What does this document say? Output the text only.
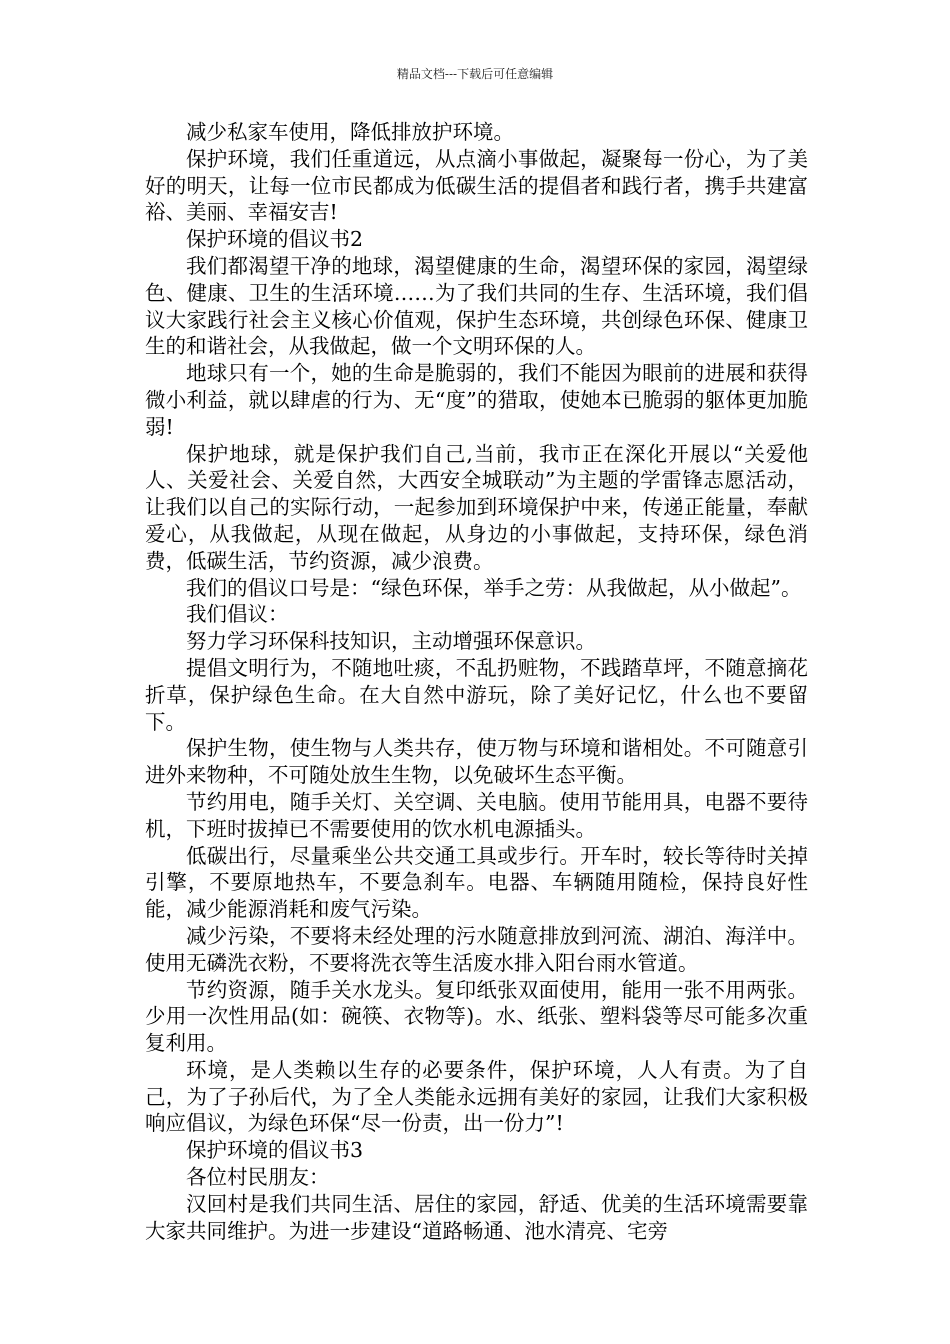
精品文档---下载后可任意编辑

减少私家车使用，降低排放护环境。

保护环境，我们任重道远，从点滴小事做起，凝聚每一份心，为了美好的明天，让每一位市民都成为低碳生活的提倡者和践行者，携手共建富裕、美丽、幸福安吉!

保护环境的倡议书2

我们都渴望干净的地球，渴望健康的生命，渴望环保的家园，渴望绿色、健康、卫生的生活环境……为了我们共同的生存、生活环境，我们倡议大家践行社会主义核心价值观，保护生态环境，共创绿色环保、健康卫生的和谐社会，从我做起，做一个文明环保的人。

地球只有一个，她的生命是脆弱的，我们不能因为眼前的进展和获得微小利益，就以肆虐的行为、无“度”的猎取，使她本已脆弱的躯体更加脆弱!

保护地球，就是保护我们自己,当前，我市正在深化开展以“关爱他人、关爱社会、关爱自然，大西安全城联动”为主题的学雷锋志愿活动，让我们以自己的实际行动，一起参加到环境保护中来，传递正能量，奉献爱心，从我做起，从现在做起，从身边的小事做起，支持环保，绿色消费，低碳生活，节约资源，减少浪费。

我们的倡议口号是：“绿色环保，举手之劳：从我做起，从小做起”。

我们倡议：

努力学习环保科技知识，主动增强环保意识。

提倡文明行为，不随地吐痰，不乱扔赃物，不践踏草坪，不随意摘花折草，保护绿色生命。在大自然中游玩，除了美好记忆，什么也不要留下。

保护生物，使生物与人类共存，使万物与环境和谐相处。不可随意引进外来物种，不可随处放生生物，以免破坏生态平衡。

节约用电，随手关灯、关空调、关电脑。使用节能用具，电器不要待机，下班时拔掉已不需要使用的饮水机电源插头。

低碳出行，尽量乘坐公共交通工具或步行。开车时，较长等待时关掉引擎，不要原地热车，不要急刹车。电器、车辆随用随检，保持良好性能，减少能源消耗和废气污染。

减少污染，不要将未经处理的污水随意排放到河流、湖泊、海洋中。使用无磷洗衣粉，不要将洗衣等生活废水排入阳台雨水管道。

节约资源，随手关水龙头。复印纸张双面使用，能用一张不用两张。少用一次性用品(如：碗筷、衣物等)。水、纸张、塑料袋等尽可能多次重复利用。

环境，是人类赖以生存的必要条件，保护环境，人人有责。为了自己，为了子孙后代，为了全人类能永远拥有美好的家园，让我们大家积极响应倡议，为绿色环保“尽一份责，出一份力”!

保护环境的倡议书3

各位村民朋友：

汉回村是我们共同生活、居住的家园，舒适、优美的生活环境需要靠大家共同维护。为进一步建设“道路畅通、池水清亮、宅旁
